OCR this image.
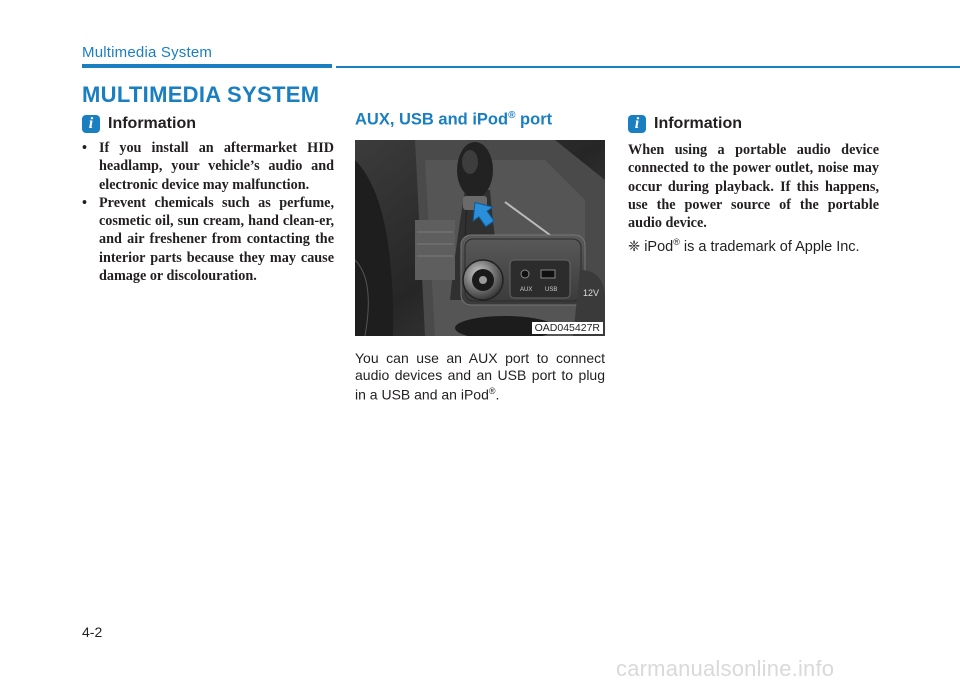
Multimedia System
MULTIMEDIA SYSTEM
i Information
• If you install an aftermarket HID headlamp, your vehicle’s audio and electronic device may malfunction.
• Prevent chemicals such as perfume, cosmetic oil, sun cream, hand clean-er, and air freshener from contacting the interior parts because they may cause damage or discolouration.
AUX, USB and iPod® port
AUX USB	12V
OAD045427R

You can use an AUX port to connect audio devices and an USB port to plug in a USB and an iPod®.

i Information

When using a portable audio device connected to the power outlet, noise may occur during playback. If this happens, use the power source of the portable audio device.

❈ iPod® is a trademark of Apple Inc.
4-2
carmanualsonline.info
